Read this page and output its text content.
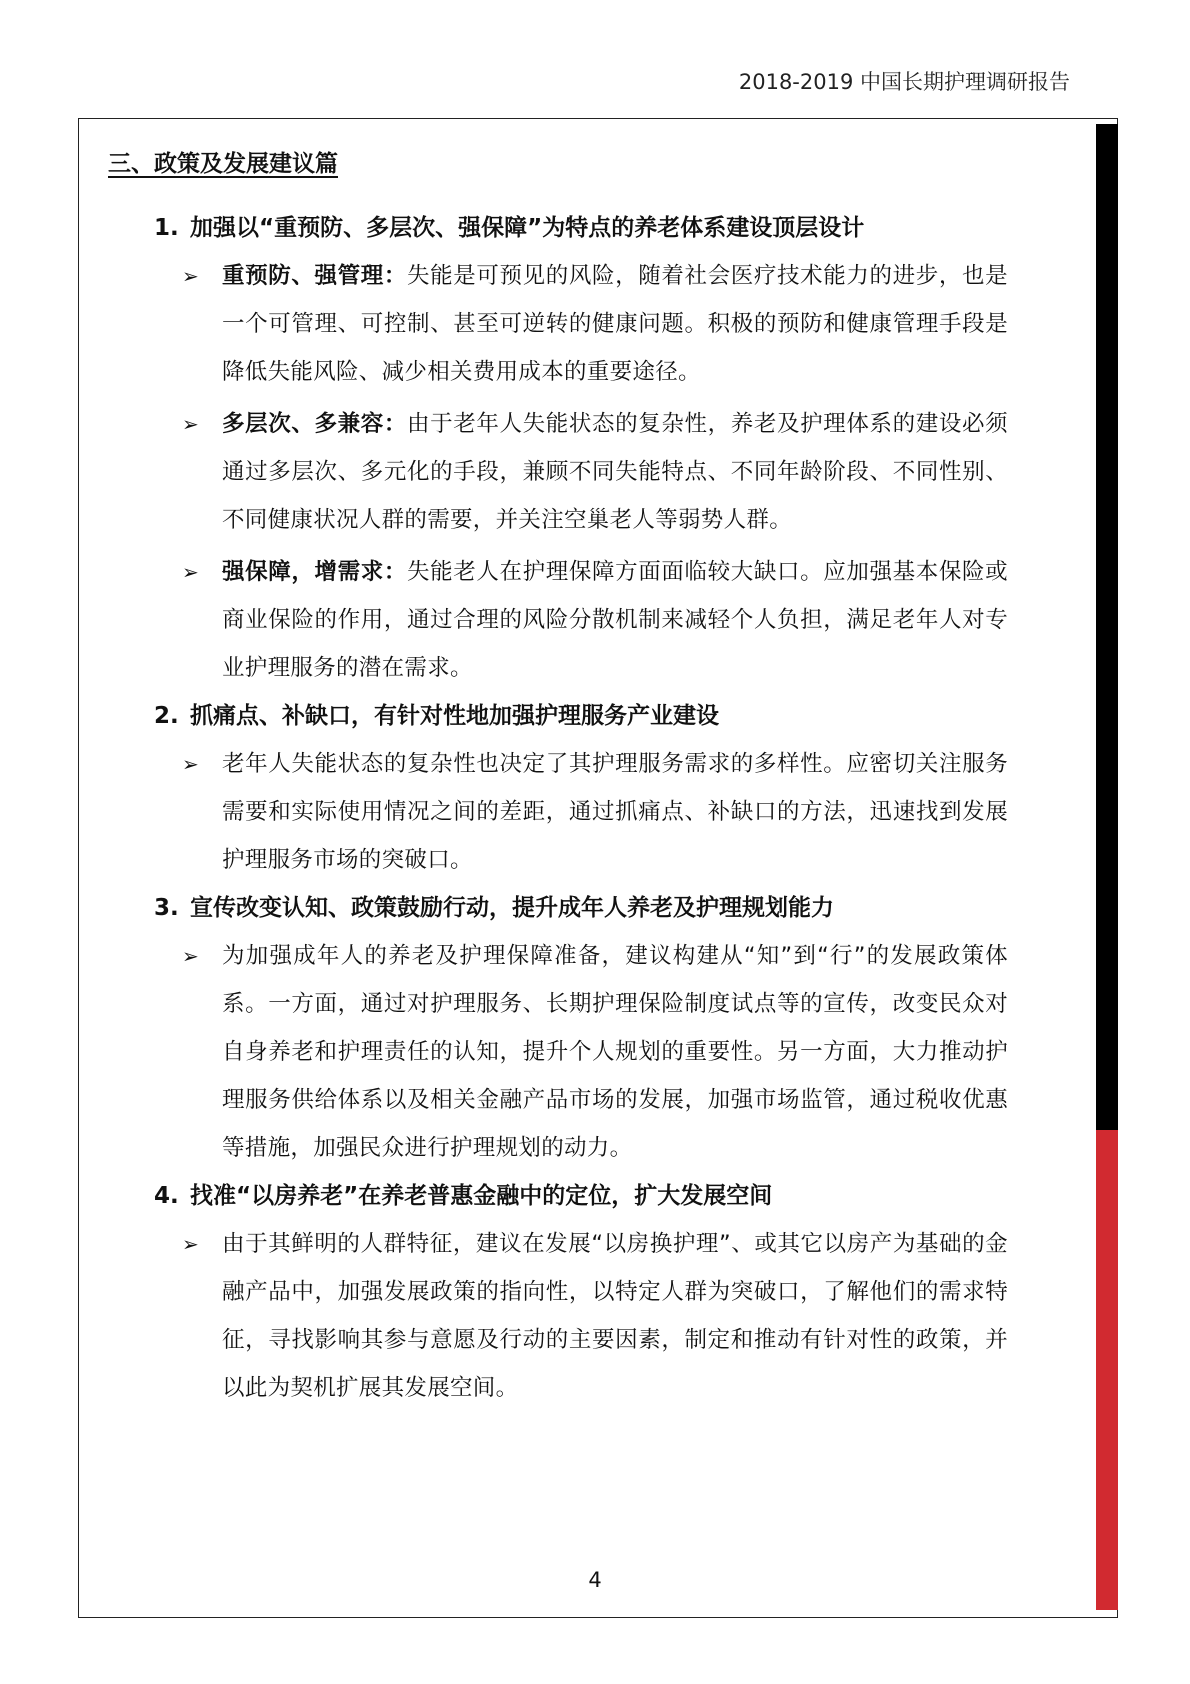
2018-2019 中国长期护理调研报告
三、政策及发展建议篇
1. 加强以“重预防、多层次、强保障”为特点的养老体系建设顶层设计
➢ 重预防、强管理：失能是可预见的风险，随着社会医疗技术能力的进步，也是一个可管理、可控制、甚至可逆转的健康问题。积极的预防和健康管理手段是降低失能风险、减少相关费用成本的重要途径。
➢ 多层次、多兼容：由于老年人失能状态的复杂性，养老及护理体系的建设必须通过多层次、多元化的手段，兼顾不同失能特点、不同年龄阶段、不同性别、不同健康状况人群的需要，并关注空巢老人等弱势人群。
➢ 强保障，增需求：失能老人在护理保障方面面临较大缺口。应加强基本保险或商业保险的作用，通过合理的风险分散机制来减轻个人负担，满足老年人对专业护理服务的潜在需求。
2. 抓痛点、补缺口，有针对性地加强护理服务产业建设
➢ 老年人失能状态的复杂性也决定了其护理服务需求的多样性。应密切关注服务需要和实际使用情况之间的差距，通过抓痛点、补缺口的方法，迅速找到发展护理服务市场的突破口。
3. 宣传改变认知、政策鼓励行动，提升成年人养老及护理规划能力
➢ 为加强成年人的养老及护理保障准备，建议构建从“知”到“行”的发展政策体系。一方面，通过对护理服务、长期护理保险制度试点等的宣传，改变民众对自身养老和护理责任的认知，提升个人规划的重要性。另一方面，大力推动护理服务供给体系以及相关金融产品市场的发展，加强市场监管，通过税收优惠等措施，加强民众进行护理规划的动力。
4. 找准“以房养老”在养老普惠金融中的定位，扩大发展空间
➢ 由于其鲜明的人群特征，建议在发展“以房换护理”、或其它以房产为基础的金融产品中，加强发展政策的指向性，以特定人群为突破口，了解他们的需求特征，寻找影响其参与意愿及行动的主要因素，制定和推动有针对性的政策，并以此为契机扩展其发展空间。
4
